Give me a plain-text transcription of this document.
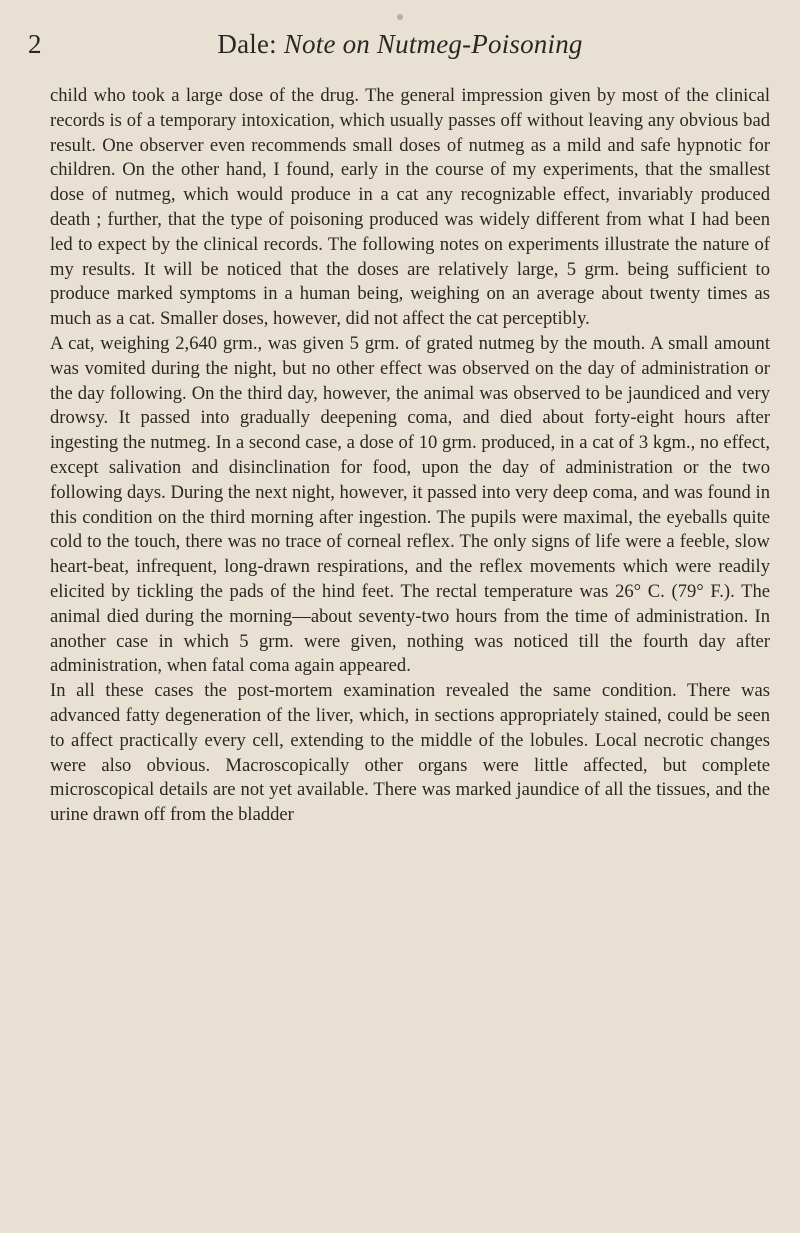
2	Dale: Note on Nutmeg-Poisoning

child who took a large dose of the drug. The general impression given by most of the clinical records is of a temporary intoxication, which usually passes off without leaving any obvious bad result. One observer even recommends small doses of nutmeg as a mild and safe hypnotic for children. On the other hand, I found, early in the course of my experiments, that the smallest dose of nutmeg, which would produce in a cat any recognizable effect, invariably produced death ; further, that the type of poisoning produced was widely different from what I had been led to expect by the clinical records. The following notes on experiments illustrate the nature of my results. It will be noticed that the doses are relatively large, 5 grm. being sufficient to produce marked symptoms in a human being, weighing on an average about twenty times as much as a cat. Smaller doses, however, did not affect the cat perceptibly.

A cat, weighing 2,640 grm., was given 5 grm. of grated nutmeg by the mouth. A small amount was vomited during the night, but no other effect was observed on the day of administration or the day following. On the third day, however, the animal was observed to be jaundiced and very drowsy. It passed into gradually deepening coma, and died about forty-eight hours after ingesting the nutmeg. In a second case, a dose of 10 grm. produced, in a cat of 3 kgm., no effect, except salivation and disinclination for food, upon the day of administration or the two following days. During the next night, however, it passed into very deep coma, and was found in this condition on the third morning after ingestion. The pupils were maximal, the eyeballs quite cold to the touch, there was no trace of corneal reflex. The only signs of life were a feeble, slow heart-beat, infrequent, long-drawn respirations, and the reflex movements which were readily elicited by tickling the pads of the hind feet. The rectal temperature was 26° C. (79° F.). The animal died during the morning—about seventy-two hours from the time of administration. In another case in which 5 grm. were given, nothing was noticed till the fourth day after administration, when fatal coma again appeared.

In all these cases the post-mortem examination revealed the same condition. There was advanced fatty degeneration of the liver, which, in sections appropriately stained, could be seen to affect practically every cell, extending to the middle of the lobules. Local necrotic changes were also obvious. Macroscopically other organs were little affected, but complete microscopical details are not yet available. There was marked jaundice of all the tissues, and the urine drawn off from the bladder
